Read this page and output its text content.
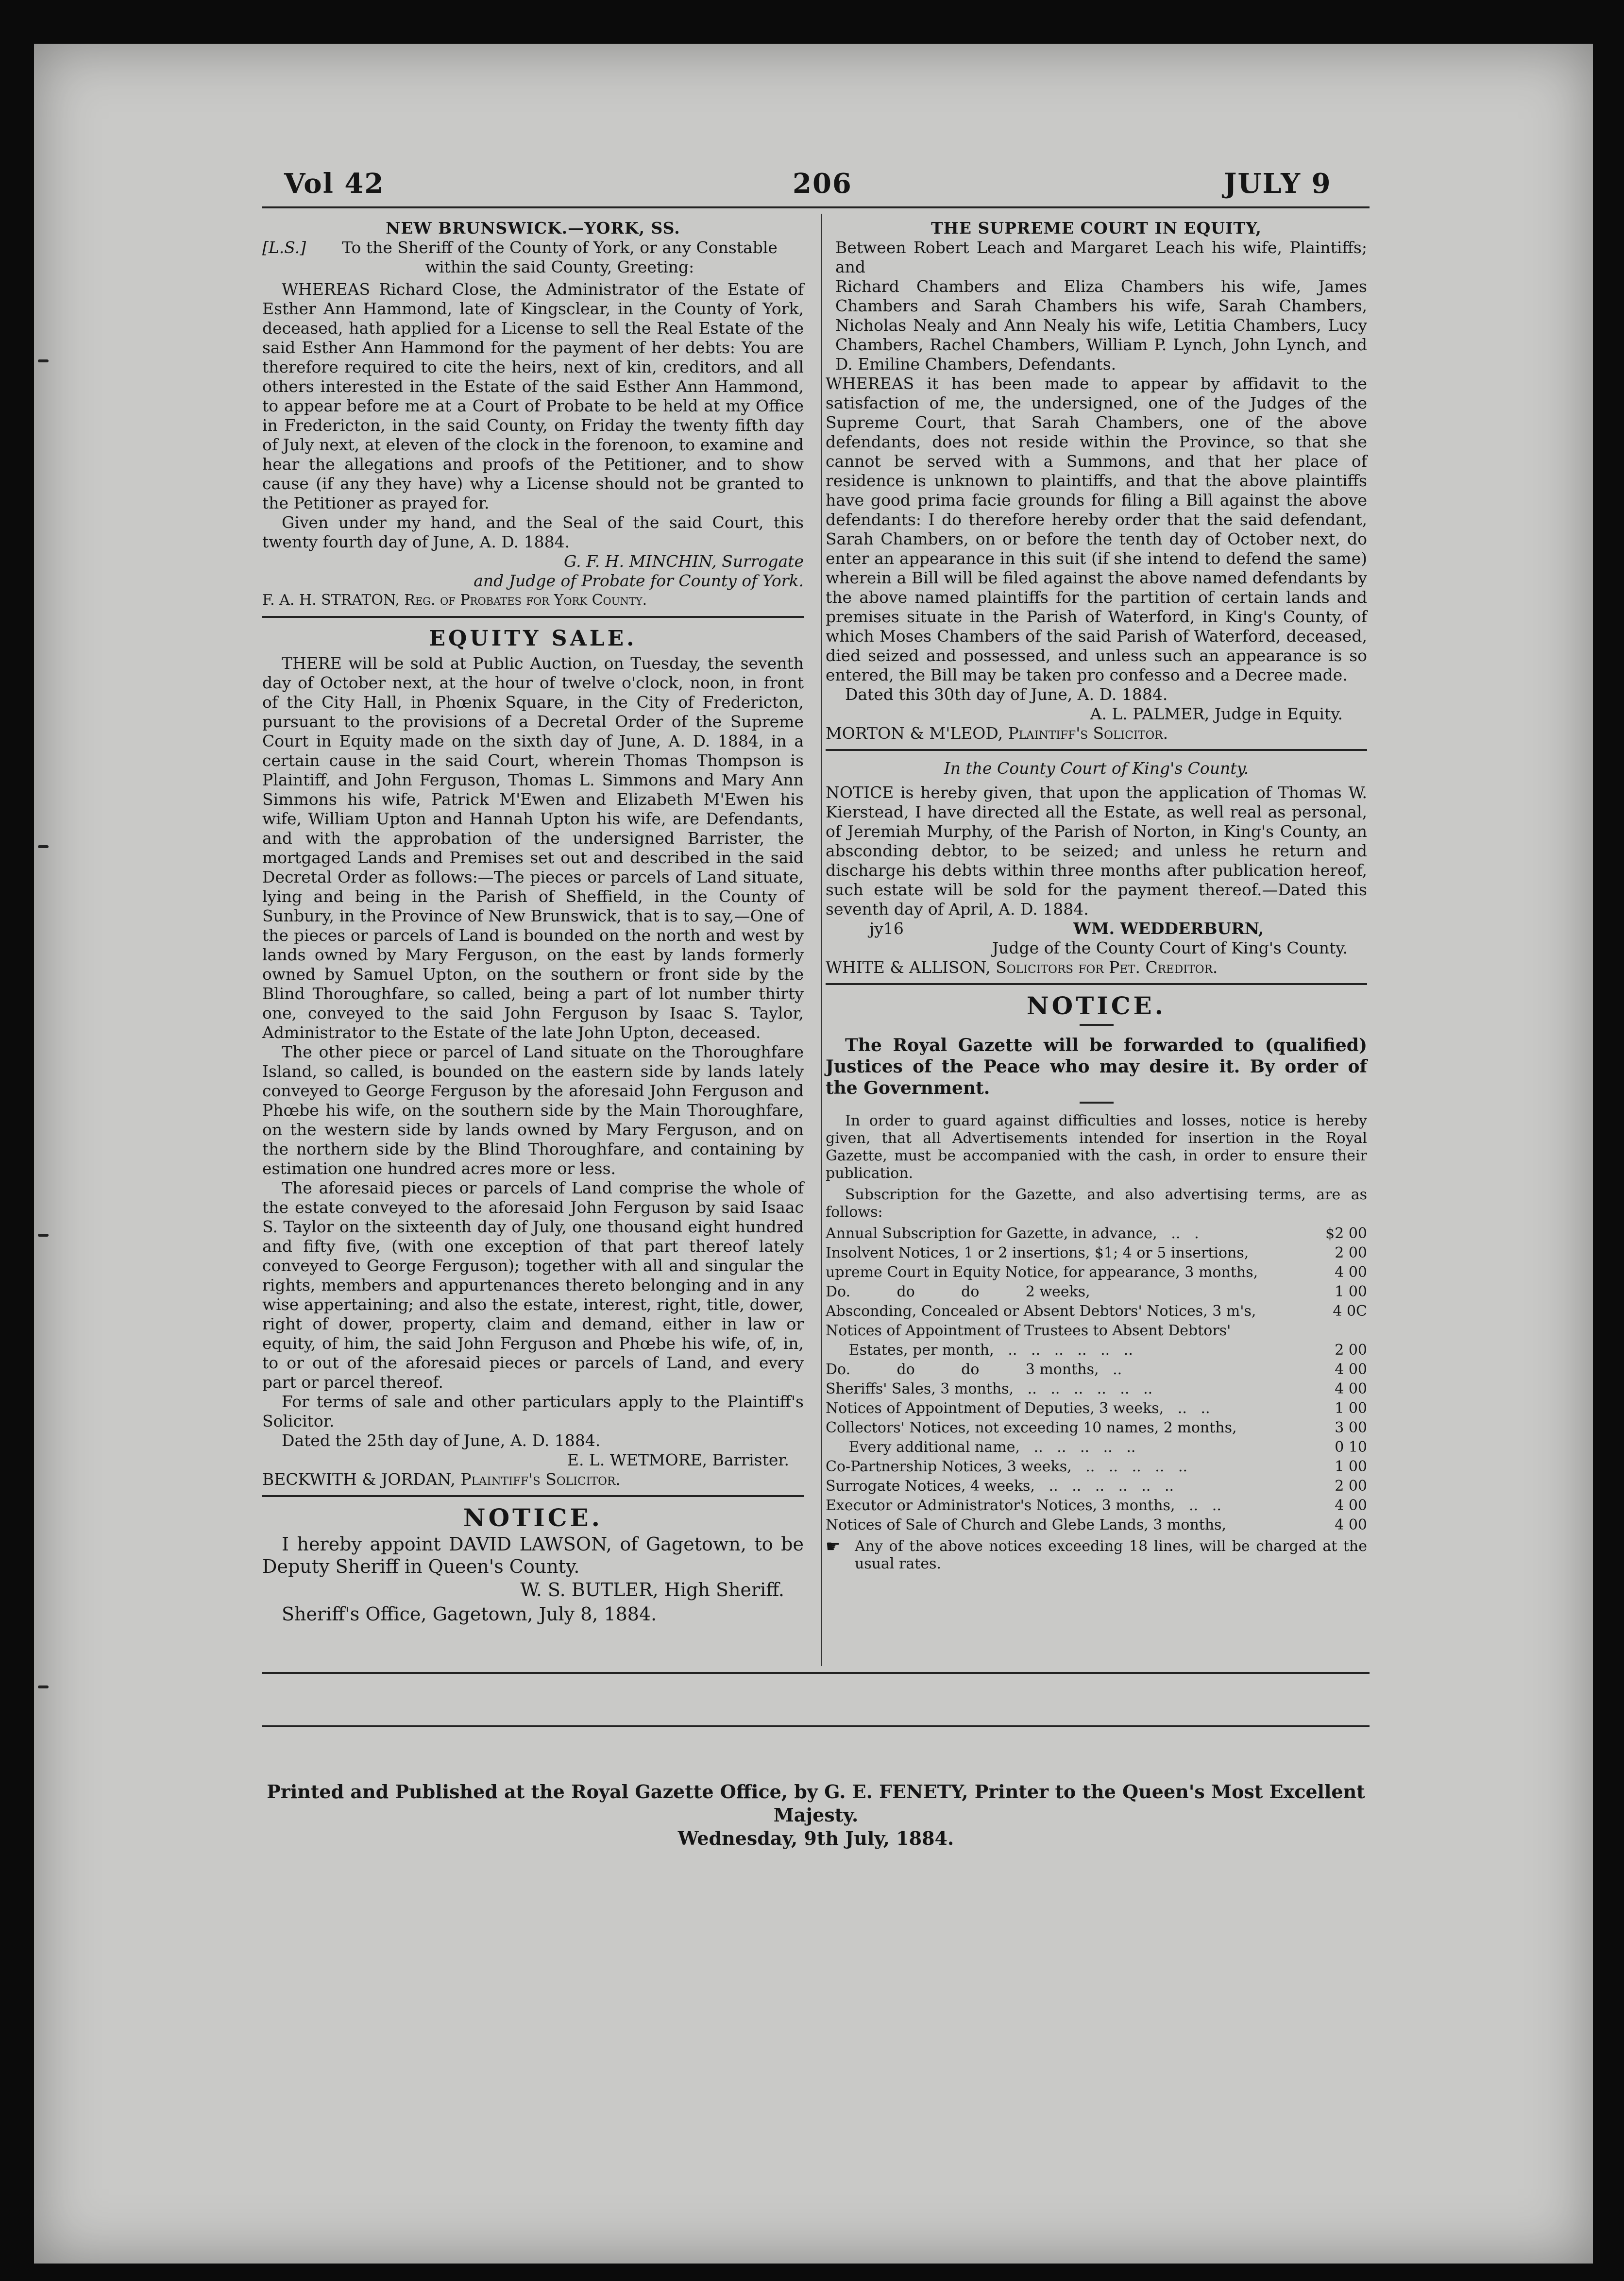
Vol 42	206	JULY 9

NEW BRUNSWICK.—YORK, SS.

[L.S.]	To the Sheriff of the County of York, or any Constable within the said County, Greeting:

WHEREAS Richard Close, the Administrator of the Estate of Esther Ann Hammond, late of Kingsclear, in the County of York, deceased, hath applied for a License to sell the Real Estate of the said Esther Ann Hammond for the payment of her debts: You are therefore required to cite the heirs, next of kin, creditors, and all others interested in the Estate of the said Esther Ann Hammond, to appear before me at a Court of Probate to be held at my Office in Fredericton, in the said County, on Friday the twenty fifth day of July next, at eleven of the clock in the forenoon, to examine and hear the allegations and proofs of the Petitioner, and to show cause (if any they have) why a License should not be granted to the Petitioner as prayed for.

Given under my hand, and the Seal of the said Court, this twenty fourth day of June, A. D. 1884.

G. F. H. MINCHIN, Surrogate

and Judge of Probate for County of York.

F. A. H. STRATON, Reg. of Probates for York County.

EQUITY SALE.

THERE will be sold at Public Auction, on Tuesday, the seventh day of October next, at the hour of twelve o'clock, noon, in front of the City Hall, in Phœnix Square, in the City of Fredericton, pursuant to the provisions of a Decretal Order of the Supreme Court in Equity made on the sixth day of June, A. D. 1884, in a certain cause in the said Court, wherein Thomas Thompson is Plaintiff, and John Ferguson, Thomas L. Simmons and Mary Ann Simmons his wife, Patrick M'Ewen and Elizabeth M'Ewen his wife, William Upton and Hannah Upton his wife, are Defendants, and with the approbation of the undersigned Barrister, the mortgaged Lands and Premises set out and described in the said Decretal Order as follows:—The pieces or parcels of Land situate, lying and being in the Parish of Sheffield, in the County of Sunbury, in the Province of New Brunswick, that is to say,—One of the pieces or parcels of Land is bounded on the north and west by lands owned by Mary Ferguson, on the east by lands formerly owned by Samuel Upton, on the southern or front side by the Blind Thoroughfare, so called, being a part of lot number thirty one, conveyed to the said John Ferguson by Isaac S. Taylor, Administrator to the Estate of the late John Upton, deceased.

The other piece or parcel of Land situate on the Thoroughfare Island, so called, is bounded on the eastern side by lands lately conveyed to George Ferguson by the aforesaid John Ferguson and Phœbe his wife, on the southern side by the Main Thoroughfare, on the western side by lands owned by Mary Ferguson, and on the northern side by the Blind Thoroughfare, and containing by estimation one hundred acres more or less.

The aforesaid pieces or parcels of Land comprise the whole of the estate conveyed to the aforesaid John Ferguson by said Isaac S. Taylor on the sixteenth day of July, one thousand eight hundred and fifty five, (with one exception of that part thereof lately conveyed to George Ferguson); together with all and singular the rights, members and appurtenances thereto belonging and in any wise appertaining; and also the estate, interest, right, title, dower, right of dower, property, claim and demand, either in law or equity, of him, the said John Ferguson and Phœbe his wife, of, in, to or out of the aforesaid pieces or parcels of Land, and every part or parcel thereof.

For terms of sale and other particulars apply to the Plaintiff's Solicitor.

Dated the 25th day of June, A. D. 1884.

E. L. WETMORE, Barrister.

BECKWITH & JORDAN, Plaintiff's Solicitor.

NOTICE.

I hereby appoint DAVID LAWSON, of Gagetown, to be Deputy Sheriff in Queen's County.

W. S. BUTLER, High Sheriff.

Sheriff's Office, Gagetown, July 8, 1884.

THE SUPREME COURT IN EQUITY,

Between Robert Leach and Margaret Leach his wife, Plaintiffs; and

Richard Chambers and Eliza Chambers his wife, James Chambers and Sarah Chambers his wife, Sarah Chambers, Nicholas Nealy and Ann Nealy his wife, Letitia Chambers, Lucy Chambers, Rachel Chambers, William P. Lynch, John Lynch, and D. Emiline Chambers, Defendants.

WHEREAS it has been made to appear by affidavit to the satisfaction of me, the undersigned, one of the Judges of the Supreme Court, that Sarah Chambers, one of the above defendants, does not reside within the Province, so that she cannot be served with a Summons, and that her place of residence is unknown to plaintiffs, and that the above plaintiffs have good prima facie grounds for filing a Bill against the above defendants: I do therefore hereby order that the said defendant, Sarah Chambers, on or before the tenth day of October next, do enter an appearance in this suit (if she intend to defend the same) wherein a Bill will be filed against the above named defendants by the above named plaintiffs for the partition of certain lands and premises situate in the Parish of Waterford, in King's County, of which Moses Chambers of the said Parish of Waterford, deceased, died seized and possessed, and unless such an appearance is so entered, the Bill may be taken pro confesso and a Decree made.

Dated this 30th day of June, A. D. 1884.

A. L. PALMER, Judge in Equity.

MORTON & M'LEOD, Plaintiff's Solicitor.

In the County Court of King's County.

NOTICE is hereby given, that upon the application of Thomas W. Kierstead, I have directed all the Estate, as well real as personal, of Jeremiah Murphy, of the Parish of Norton, in King's County, an absconding debtor, to be seized; and unless he return and discharge his debts within three months after publication hereof, such estate will be sold for the payment thereof.—Dated this seventh day of April, A. D. 1884.

jy16	WM. WEDDERBURN,

Judge of the County Court of King's County.

WHITE & ALLISON, Solicitors for Pet. Creditor.

NOTICE.

The Royal Gazette will be forwarded to (qualified) Justices of the Peace who may desire it. By order of the Government.

In order to guard against difficulties and losses, notice is hereby given, that all Advertisements intended for insertion in the Royal Gazette, must be accompanied with the cash, in order to ensure their publication.

Subscription for the Gazette, and also advertising terms, are as follows:

Annual Subscription for Gazette, in advance,   ..   .	$2 00
Insolvent Notices, 1 or 2 insertions, $1; 4 or 5 insertions,	2 00
upreme Court in Equity Notice, for appearance, 3 months,	4 00
Do.          do          do          2 weeks,	1 00
Absconding, Concealed or Absent Debtors' Notices, 3 m's,	4 0C
Notices of Appointment of Trustees to Absent Debtors'
Estates, per month,   ..   ..   ..   ..   ..   ..	2 00
Do.          do          do          3 months,   ..	4 00
Sheriffs' Sales, 3 months,   ..   ..   ..   ..   ..   ..	4 00
Notices of Appointment of Deputies, 3 weeks,   ..   ..	1 00
Collectors' Notices, not exceeding 10 names, 2 months,	3 00
Every additional name,   ..   ..   ..   ..   ..	0 10
Co-Partnership Notices, 3 weeks,   ..   ..   ..   ..   ..	1 00
Surrogate Notices, 4 weeks,   ..   ..   ..   ..   ..   ..	2 00
Executor or Administrator's Notices, 3 months,   ..   ..	4 00
Notices of Sale of Church and Glebe Lands, 3 months,	4 00

☛ Any of the above notices exceeding 18 lines, will be charged at the usual rates.

Printed and Published at the Royal Gazette Office, by G. E. FENETY, Printer to the Queen's Most Excellent Majesty.
Wednesday, 9th July, 1884.
